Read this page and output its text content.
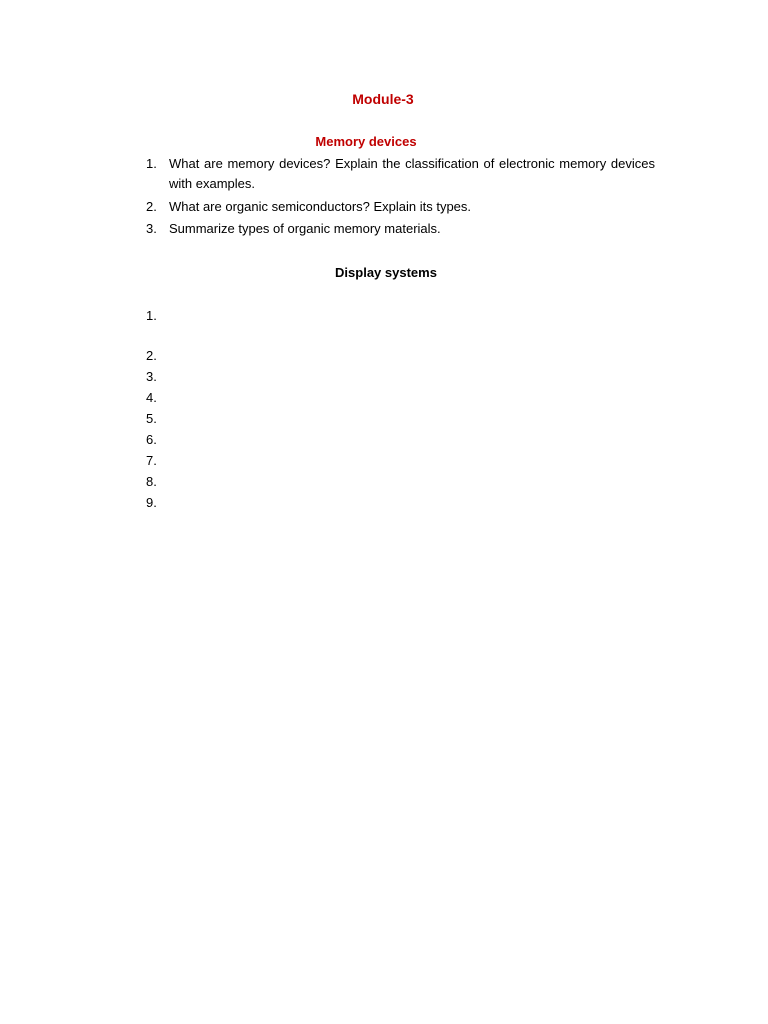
Module-3
Memory devices
1. What are memory devices? Explain the classification of electronic memory devices with examples.
2. What are organic semiconductors? Explain its types.
3. Summarize types of organic memory materials.
Display systems
1.
2.
3.
4.
5.
6.
7.
8.
9.
